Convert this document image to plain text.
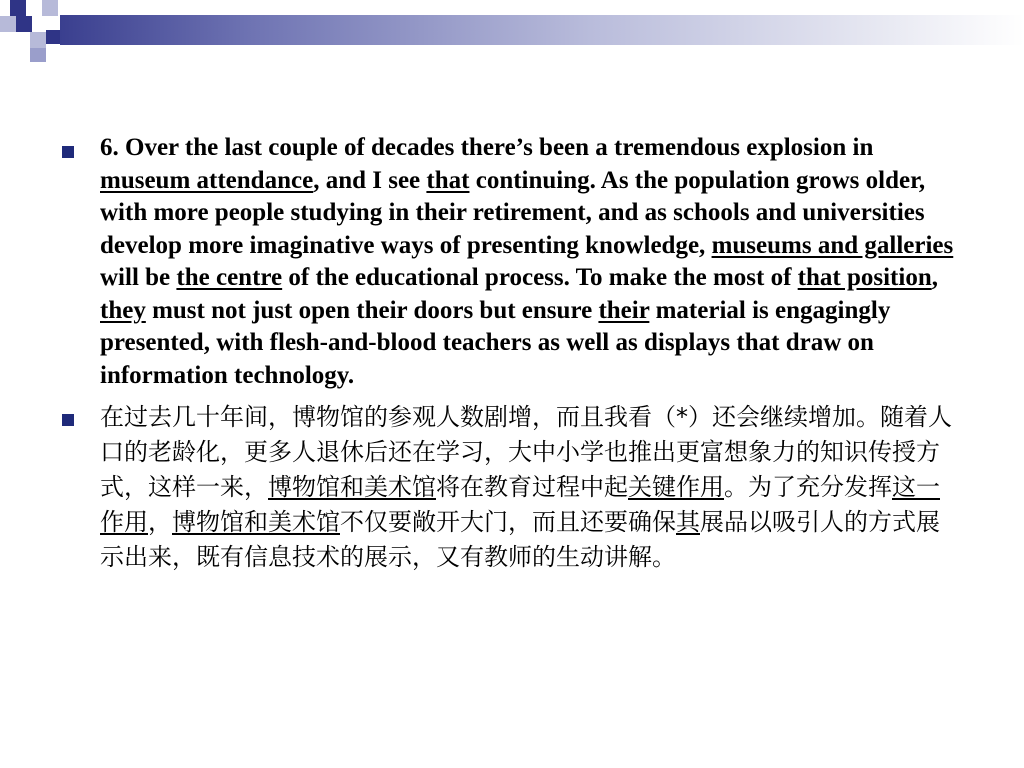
6. Over the last couple of decades there’s been a tremendous explosion in museum attendance, and I see that continuing. As the population grows older, with more people studying in their retirement, and as schools and universities develop more imaginative ways of presenting knowledge, museums and galleries will be the centre of the educational process. To make the most of that position, they must not just open their doors but ensure their material is engagingly presented, with flesh-and-blood teachers as well as displays that draw on information technology.
在过去几十年间，博物馆的参观人数剧增，而且我看（*）还会继续增加。随着人口的老龄化，更多人退休后还在学习，大中小学也推出更富想象力的知识传授方式，这样一来，博物馆和美术馆将在教育过程中起关键作用。为了充分发挥这一作用，博物馆和美术馆不仅要敞开大门，而且还要确保其展品以吸引人的方式展示出来，既有信息技术的展示，又有教师的生动讲解。
